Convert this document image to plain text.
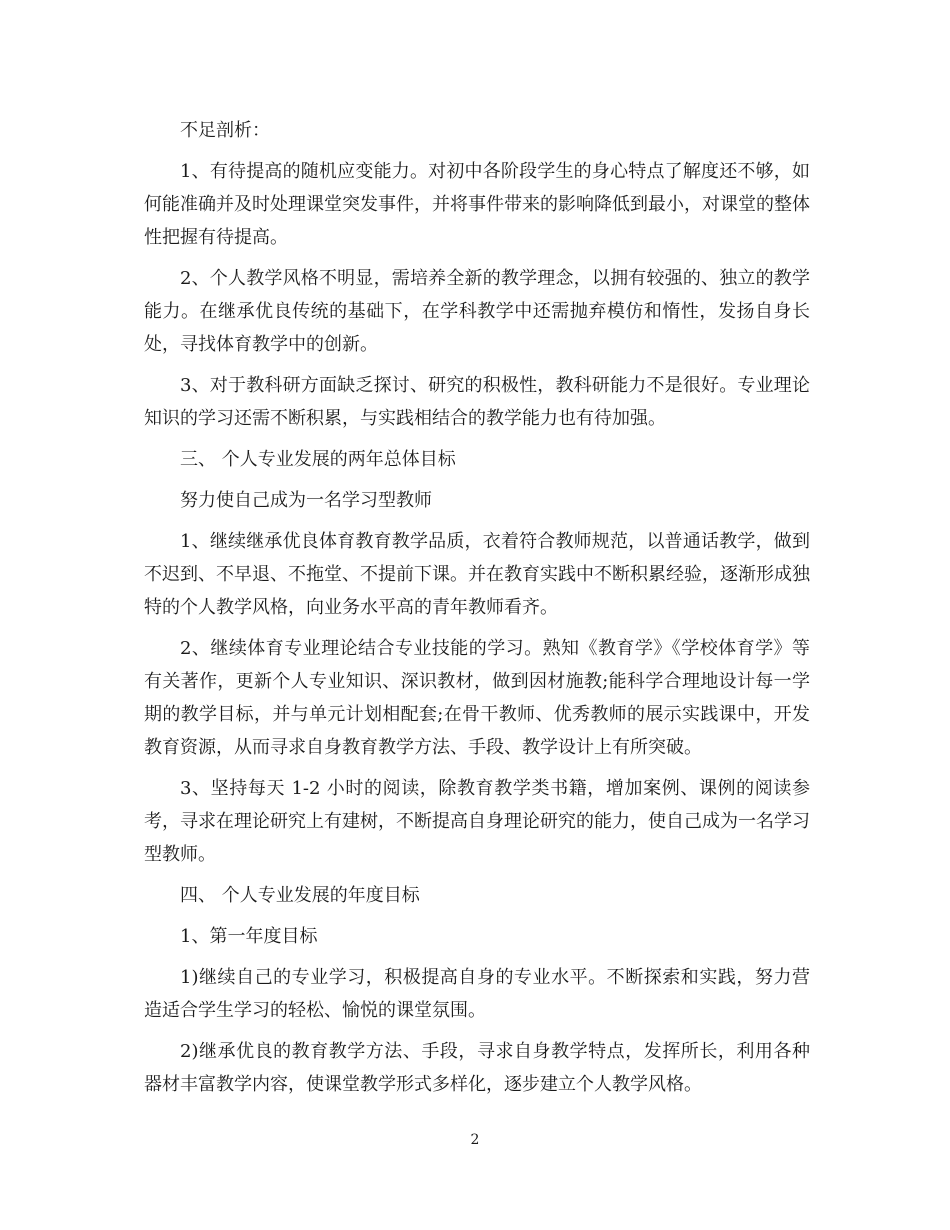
不足剖析：

1、有待提高的随机应变能力。对初中各阶段学生的身心特点了解度还不够，如何能准确并及时处理课堂突发事件，并将事件带来的影响降低到最小，对课堂的整体性把握有待提高。

2、个人教学风格不明显，需培养全新的教学理念，以拥有较强的、独立的教学能力。在继承优良传统的基础下，在学科教学中还需抛弃模仿和惰性，发扬自身长处，寻找体育教学中的创新。

3、对于教科研方面缺乏探讨、研究的积极性，教科研能力不是很好。专业理论知识的学习还需不断积累，与实践相结合的教学能力也有待加强。

三、 个人专业发展的两年总体目标

努力使自己成为一名学习型教师

1、继续继承优良体育教育教学品质，衣着符合教师规范，以普通话教学，做到不迟到、不早退、不拖堂、不提前下课。并在教育实践中不断积累经验，逐渐形成独特的个人教学风格，向业务水平高的青年教师看齐。

2、继续体育专业理论结合专业技能的学习。熟知《教育学》《学校体育学》等有关著作，更新个人专业知识、深识教材，做到因材施教;能科学合理地设计每一学期的教学目标，并与单元计划相配套;在骨干教师、优秀教师的展示实践课中，开发教育资源，从而寻求自身教育教学方法、手段、教学设计上有所突破。

3、坚持每天 1-2 小时的阅读，除教育教学类书籍，增加案例、课例的阅读参考，寻求在理论研究上有建树，不断提高自身理论研究的能力，使自己成为一名学习型教师。

四、 个人专业发展的年度目标

1、第一年度目标

1)继续自己的专业学习，积极提高自身的专业水平。不断探索和实践，努力营造适合学生学习的轻松、愉悦的课堂氛围。

2)继承优良的教育教学方法、手段，寻求自身教学特点，发挥所长，利用各种器材丰富教学内容，使课堂教学形式多样化，逐步建立个人教学风格。

2
